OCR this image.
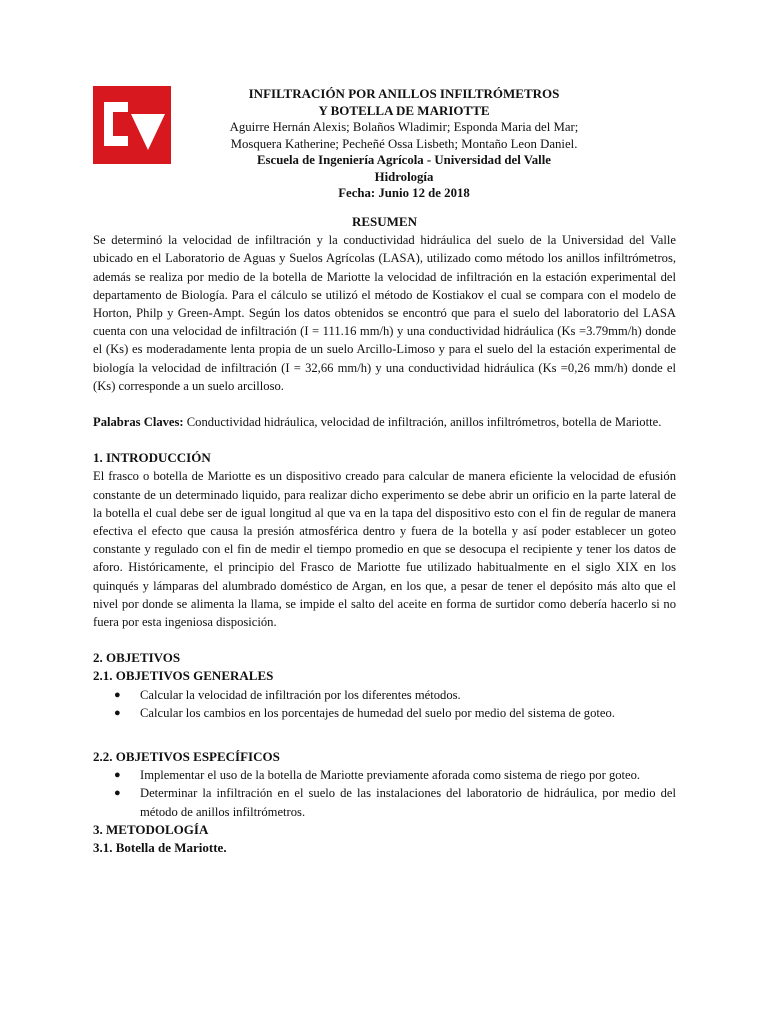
INFILTRACIÓN POR ANILLOS INFILTRÓMETROS
Y BOTELLA DE MARIOTTE
Aguirre Hernán Alexis; Bolaños Wladimir; Esponda Maria del Mar;
Mosquera Katherine; Pecheñé Ossa Lisbeth; Montaño Leon Daniel.
Escuela de Ingeniería Agrícola - Universidad del Valle
Hidrología
Fecha: Junio 12 de 2018
RESUMEN

Se determinó la velocidad de infiltración y la conductividad hidráulica del suelo de la Universidad del Valle ubicado en el Laboratorio de Aguas y Suelos Agrícolas (LASA), utilizado como método los anillos infiltrómetros, además se realiza por medio de la botella de Mariotte la velocidad de infiltración en la estación experimental del departamento de Biología. Para el cálculo se utilizó el método de Kostiakov el cual se compara con el modelo de Horton, Philp y Green-Ampt. Según los datos obtenidos se encontró que para el suelo del laboratorio del LASA cuenta con una velocidad de infiltración (I = 111.16 mm/h) y una conductividad hidráulica (Ks =3.79mm/h) donde el (Ks) es moderadamente lenta propia de un suelo Arcillo-Limoso y para el suelo del la estación experimental de biología la velocidad de infiltración (I = 32,66 mm/h) y una conductividad hidráulica (Ks =0,26 mm/h) donde el (Ks) corresponde a un suelo arcilloso.

Palabras Claves: Conductividad hidráulica, velocidad de infiltración, anillos infiltrómetros, botella de Mariotte.

1. INTRODUCCIÓN

El frasco o botella de Mariotte es un dispositivo creado para calcular de manera eficiente la velocidad de efusión constante de un determinado liquido, para realizar dicho experimento se debe abrir un orificio en la parte lateral de la botella el cual debe ser de igual longitud al que va en la tapa del dispositivo esto con el fin de regular de manera efectiva el efecto que causa la presión atmosférica dentro y fuera de la botella y así poder establecer un goteo constante y regulado con el fin de medir el tiempo promedio en que se desocupa el recipiente y tener los datos de aforo. Históricamente, el principio del Frasco de Mariotte fue utilizado habitualmente en el siglo XIX en los quinqués y lámparas del alumbrado doméstico de Argan, en los que, a pesar de tener el depósito más alto que el nivel por donde se alimenta la llama, se impide el salto del aceite en forma de surtidor como debería hacerlo si no fuera por esta ingeniosa disposición.

2. OBJETIVOS
2.1. OBJETIVOS GENERALES
● Calcular la velocidad de infiltración por los diferentes métodos.
● Calcular los cambios en los porcentajes de humedad del suelo por medio del sistema de goteo.
2.2. OBJETIVOS ESPECÍFICOS
● Implementar el uso de la botella de Mariotte previamente aforada como sistema de riego por goteo.
● Determinar la infiltración en el suelo de las instalaciones del laboratorio de hidráulica, por medio del método de anillos infiltrómetros.
3. METODOLOGÍA
3.1. Botella de Mariotte.
